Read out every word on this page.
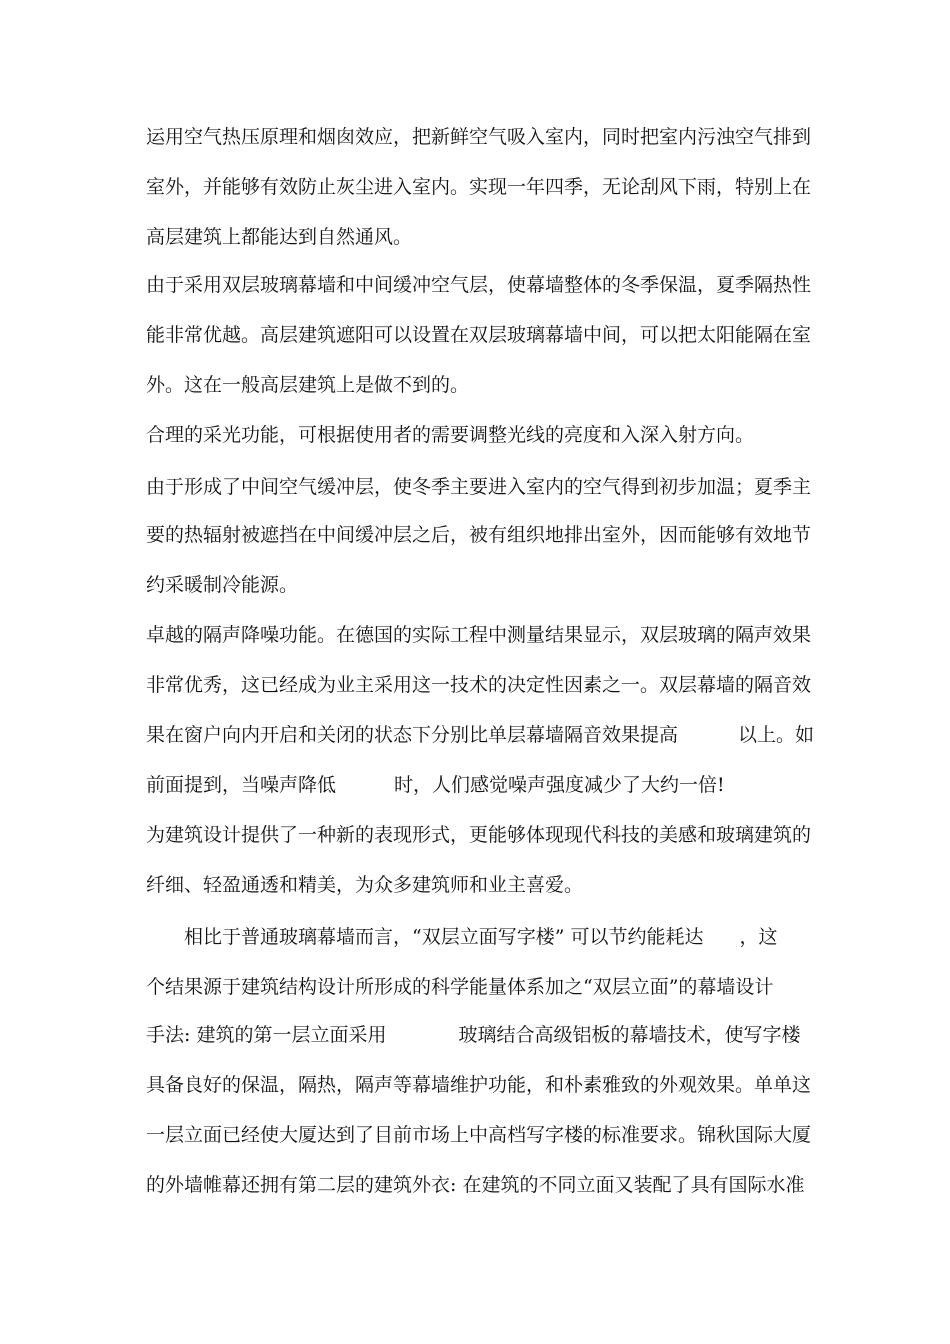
运用空气热压原理和烟囱效应，把新鲜空气吸入室内，同时把室内污浊空气排到
室外，并能够有效防止灰尘进入室内。实现一年四季，无论刮风下雨，特别上在
高层建筑上都能达到自然通风。
由于采用双层玻璃幕墙和中间缓冲空气层，使幕墙整体的冬季保温，夏季隔热性
能非常优越。高层建筑遮阳可以设置在双层玻璃幕墙中间，可以把太阳能隔在室
外。这在一般高层建筑上是做不到的。
合理的采光功能，可根据使用者的需要调整光线的亮度和入深入射方向。
由于形成了中间空气缓冲层，使冬季主要进入室内的空气得到初步加温；夏季主
要的热辐射被遮挡在中间缓冲层之后，被有组织地排出室外，因而能够有效地节
约采暖制冷能源。
卓越的隔声降噪功能。在德国的实际工程中测量结果显示，双层玻璃的隔声效果
非常优秀，这已经成为业主采用这一技术的决定性因素之一。双层幕墙的隔音效
果在窗户向内开启和关闭的状态下分别比单层幕墙隔音效果提高	以上。如
前面提到，当噪声降低	时，人们感觉噪声强度减少了大约一倍!
为建筑设计提供了一种新的表现形式，更能够体现现代科技的美感和玻璃建筑的
纤细、轻盈通透和精美，为众多建筑师和业主喜爱。
相比于普通玻璃幕墙而言，“双层立面写字楼” 可以节约能耗达 ，这
个结果源于建筑结构设计所形成的科学能量体系加之“双层立面”的幕墙设计
手法: 建筑的第一层立面采用	玻璃结合高级铝板的幕墙技术，使写字楼
具备良好的保温，隔热，隔声等幕墙维护功能，和朴素雅致的外观效果。单单这
一层立面已经使大厦达到了目前市场上中高档写字楼的标准要求。锦秋国际大厦
的外墙帷幕还拥有第二层的建筑外衣: 在建筑的不同立面又装配了具有国际水准
